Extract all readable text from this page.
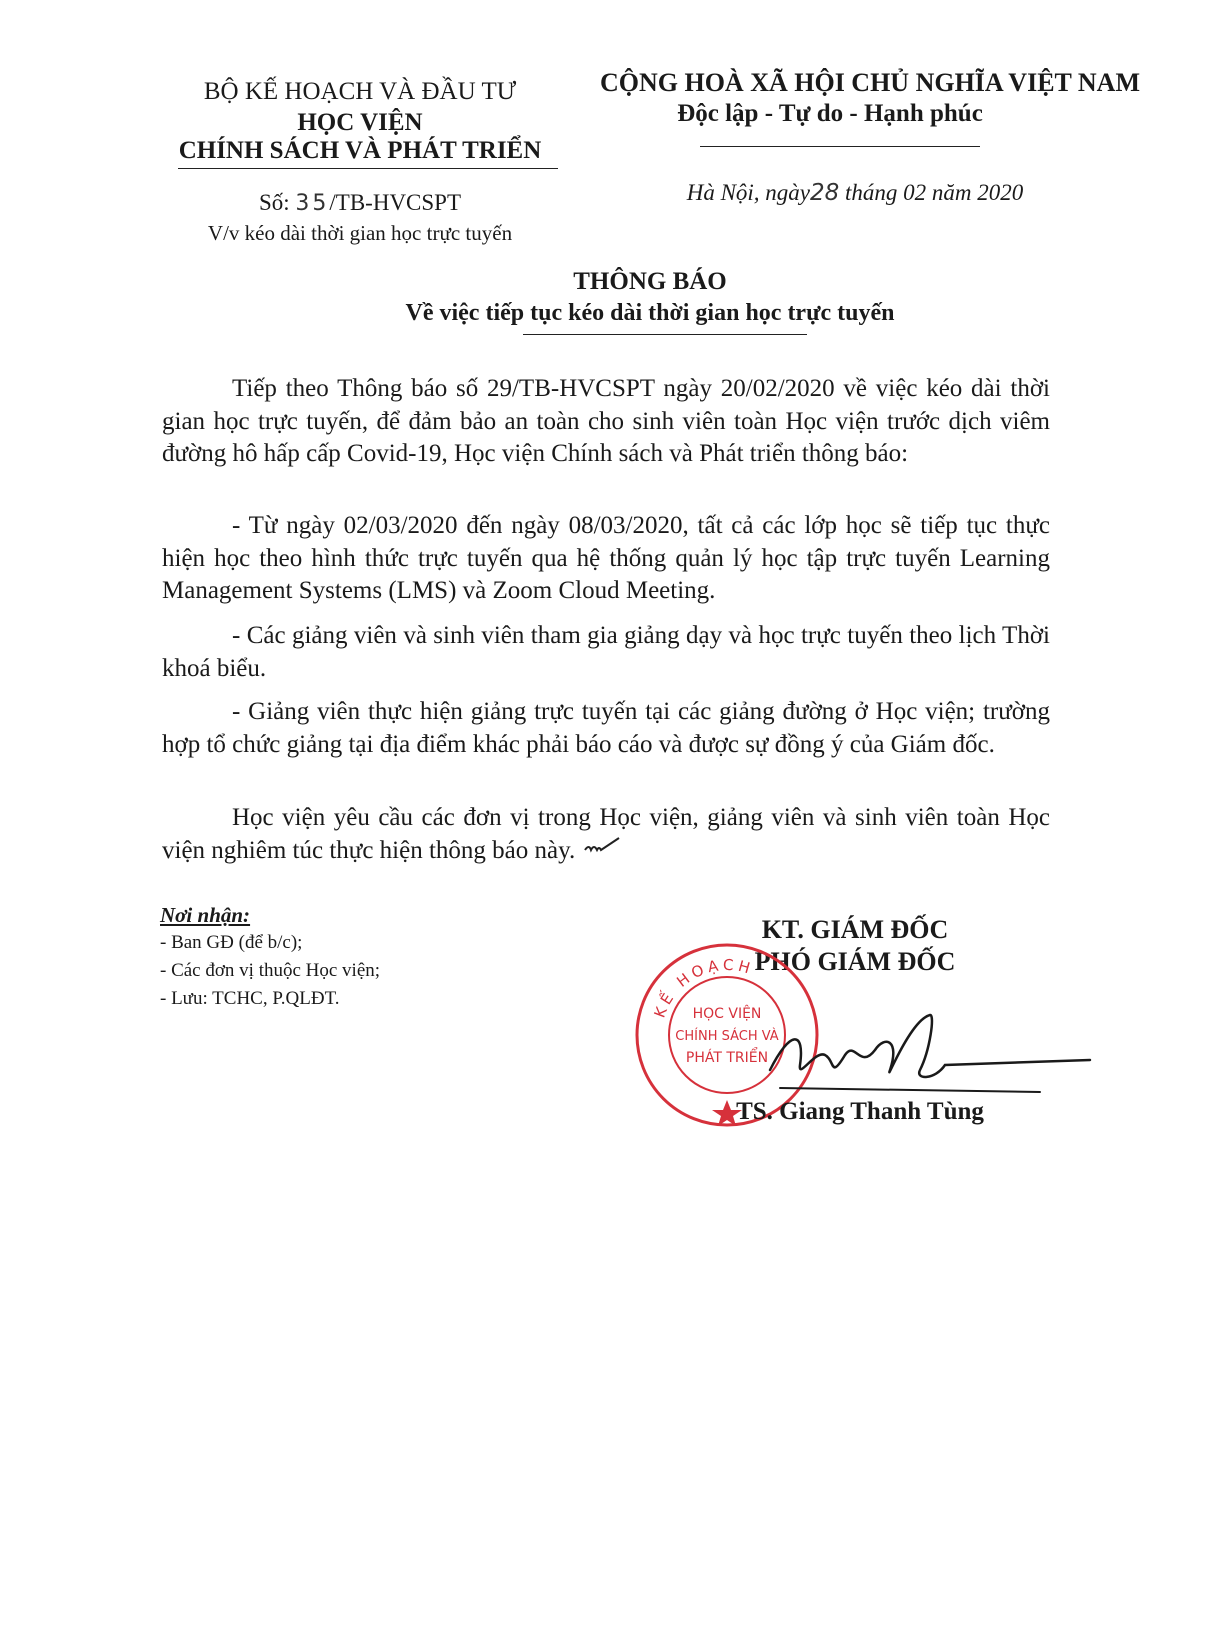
BỘ KẾ HOẠCH VÀ ĐẦU TƯ
HỌC VIỆN
CHÍNH SÁCH VÀ PHÁT TRIỂN
Số: 35/TB-HVCSPT
V/v kéo dài thời gian học trực tuyến
CỘNG HOÀ XÃ HỘI CHỦ NGHĨA VIỆT NAM
Độc lập - Tự do - Hạnh phúc
Hà Nội, ngày28 tháng 02 năm 2020
THÔNG BÁO
Về việc tiếp tục kéo dài thời gian học trực tuyến
Tiếp theo Thông báo số 29/TB-HVCSPT ngày 20/02/2020 về việc kéo dài thời gian học trực tuyến, để đảm bảo an toàn cho sinh viên toàn Học viện trước dịch viêm đường hô hấp cấp Covid-19, Học viện Chính sách và Phát triển thông báo:
- Từ ngày 02/03/2020 đến ngày 08/03/2020, tất cả các lớp học sẽ tiếp tục thực hiện học theo hình thức trực tuyến qua hệ thống quản lý học tập trực tuyến Learning Management Systems (LMS) và Zoom Cloud Meeting.
- Các giảng viên và sinh viên tham gia giảng dạy và học trực tuyến theo lịch Thời khoá biểu.
- Giảng viên thực hiện giảng trực tuyến tại các giảng đường ở Học viện; trường hợp tổ chức giảng tại địa điểm khác phải báo cáo và được sự đồng ý của Giám đốc.
Học viện yêu cầu các đơn vị trong Học viện, giảng viên và sinh viên toàn Học viện nghiêm túc thực hiện thông báo này.
Nơi nhận:
- Ban GĐ (để b/c);
- Các đơn vị thuộc Học viện;
- Lưu: TCHC, P.QLĐT.
KT. GIÁM ĐỐC
PHÓ GIÁM ĐỐC
KẾ HOẠCH
HỌC VIỆN
CHÍNH SÁCH VÀ
PHÁT TRIỂN
TS. Giang Thanh Tùng
